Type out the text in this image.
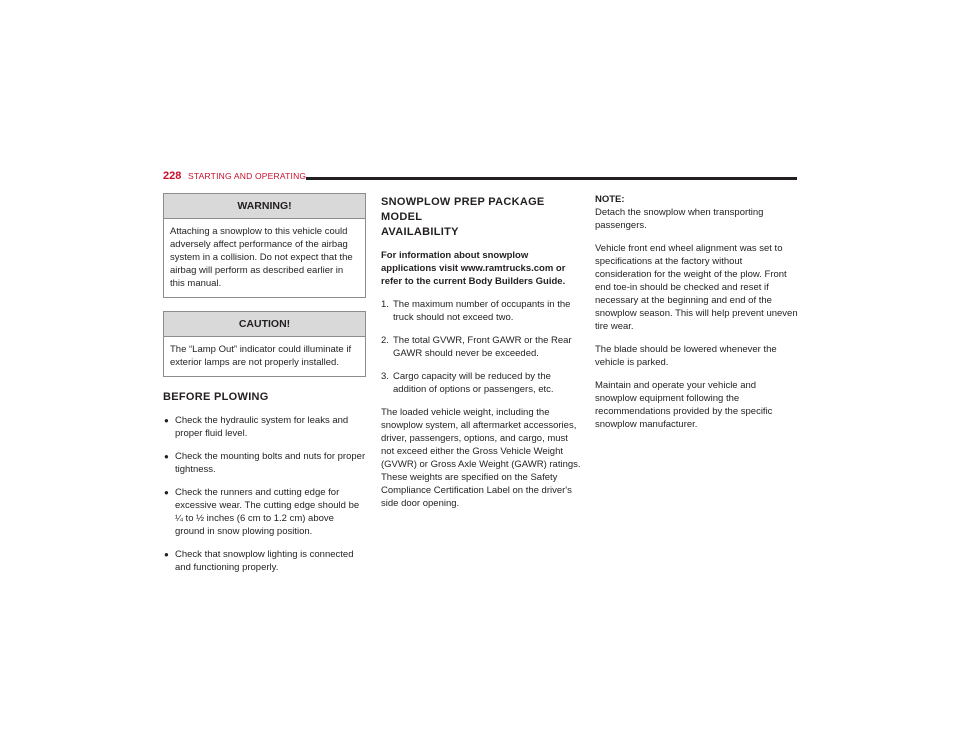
228 STARTING AND OPERATING
WARNING!
Attaching a snowplow to this vehicle could adversely affect performance of the airbag system in a collision. Do not expect that the airbag will perform as described earlier in this manual.
CAUTION!
The “Lamp Out” indicator could illuminate if exterior lamps are not properly installed.
BEFORE PLOWING
● Check the hydraulic system for leaks and proper fluid level.
● Check the mounting bolts and nuts for proper tightness.
● Check the runners and cutting edge for excessive wear. The cutting edge should be ¼ to ½ inches (6 cm to 1.2 cm) above ground in snow plowing position.
● Check that snowplow lighting is connected and functioning properly.
SNOWPLOW PREP PACKAGE MODEL
AVAILABILITY

For information about snowplow applications visit www.ramtrucks.com or refer to the current Body Builders Guide.

1. The maximum number of occupants in the truck should not exceed two.
2. The total GVWR, Front GAWR or the Rear GAWR should never be exceeded.
3. Cargo capacity will be reduced by the addition of options or passengers, etc.

The loaded vehicle weight, including the snowplow system, all aftermarket accessories, driver, passengers, options, and cargo, must not exceed either the Gross Vehicle Weight (GVWR) or Gross Axle Weight (GAWR) ratings. These weights are specified on the Safety Compliance Certification Label on the driver's side door opening.

NOTE:

Detach the snowplow when transporting passengers.

Vehicle front end wheel alignment was set to specifications at the factory without consideration for the weight of the plow. Front end toe-in should be checked and reset if necessary at the beginning and end of the snowplow season. This will help prevent uneven tire wear.

The blade should be lowered whenever the vehicle is parked.

Maintain and operate your vehicle and snowplow equipment following the recommendations provided by the specific snowplow manufacturer.
